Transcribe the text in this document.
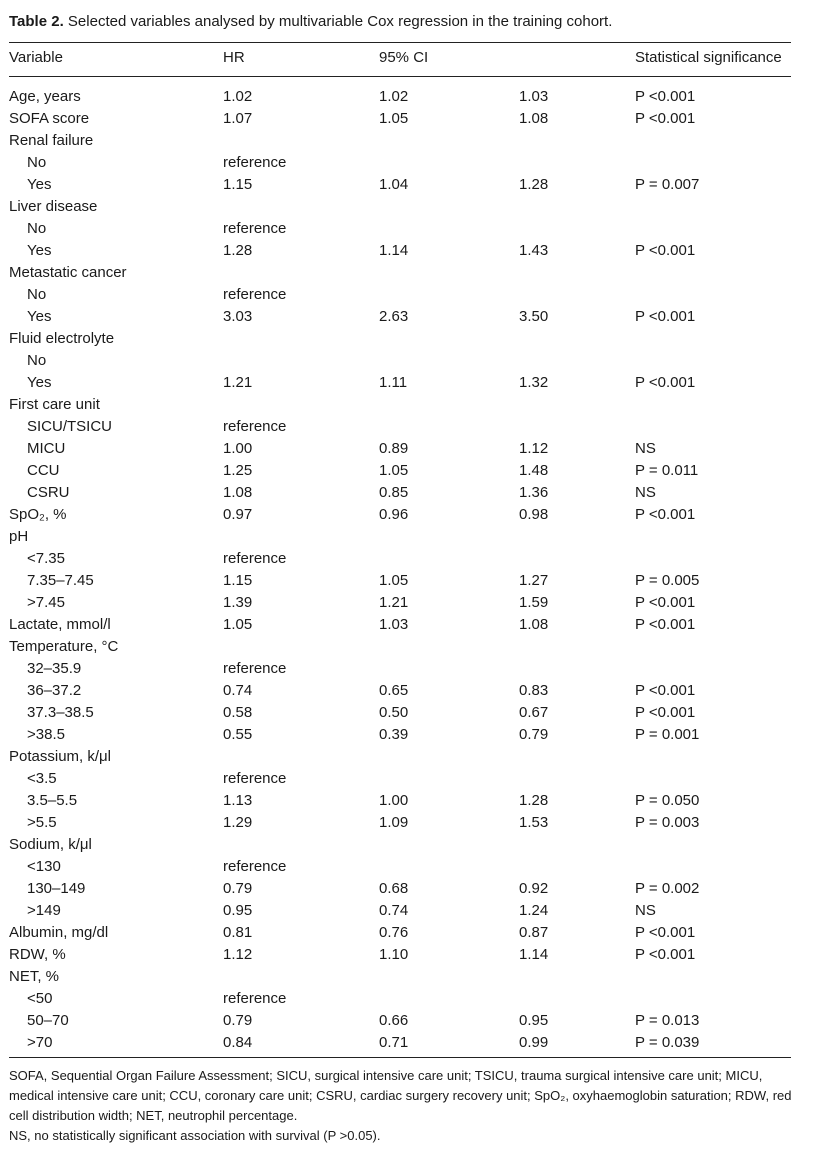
Table 2. Selected variables analysed by multivariable Cox regression in the training cohort.
Variable	HR	95% CI	Statistical significance
Age, years	1.02	1.02	1.03	P <0.001
SOFA score	1.07	1.05	1.08	P <0.001
Renal failure
No	reference
Yes	1.15	1.04	1.28	P = 0.007
Liver disease
No	reference
Yes	1.28	1.14	1.43	P <0.001
Metastatic cancer
No	reference
Yes	3.03	2.63	3.50	P <0.001
Fluid electrolyte
No
Yes	1.21	1.11	1.32	P <0.001
First care unit
SICU/TSICU	reference
MICU	1.00	0.89	1.12	NS
CCU	1.25	1.05	1.48	P = 0.011
CSRU	1.08	0.85	1.36	NS
SpO₂, %	0.97	0.96	0.98	P <0.001
pH
<7.35	reference
7.35–7.45	1.15	1.05	1.27	P = 0.005
>7.45	1.39	1.21	1.59	P <0.001
Lactate, mmol/l	1.05	1.03	1.08	P <0.001
Temperature, °C
32–35.9	reference
36–37.2	0.74	0.65	0.83	P <0.001
37.3–38.5	0.58	0.50	0.67	P <0.001
>38.5	0.55	0.39	0.79	P = 0.001
Potassium, k/μl
<3.5	reference
3.5–5.5	1.13	1.00	1.28	P = 0.050
>5.5	1.29	1.09	1.53	P = 0.003
Sodium, k/μl
<130	reference
130–149	0.79	0.68	0.92	P = 0.002
>149	0.95	0.74	1.24	NS
Albumin, mg/dl	0.81	0.76	0.87	P <0.001
RDW, %	1.12	1.10	1.14	P <0.001
NET, %
<50	reference
50–70	0.79	0.66	0.95	P = 0.013
>70	0.84	0.71	0.99	P = 0.039

SOFA, Sequential Organ Failure Assessment; SICU, surgical intensive care unit; TSICU, trauma surgical intensive care unit; MICU, medical intensive care unit; CCU, coronary care unit; CSRU, cardiac surgery recovery unit; SpO₂, oxyhaemoglobin saturation; RDW, red cell distribution width; NET, neutrophil percentage.

NS, no statistically significant association with survival (P >0.05).
